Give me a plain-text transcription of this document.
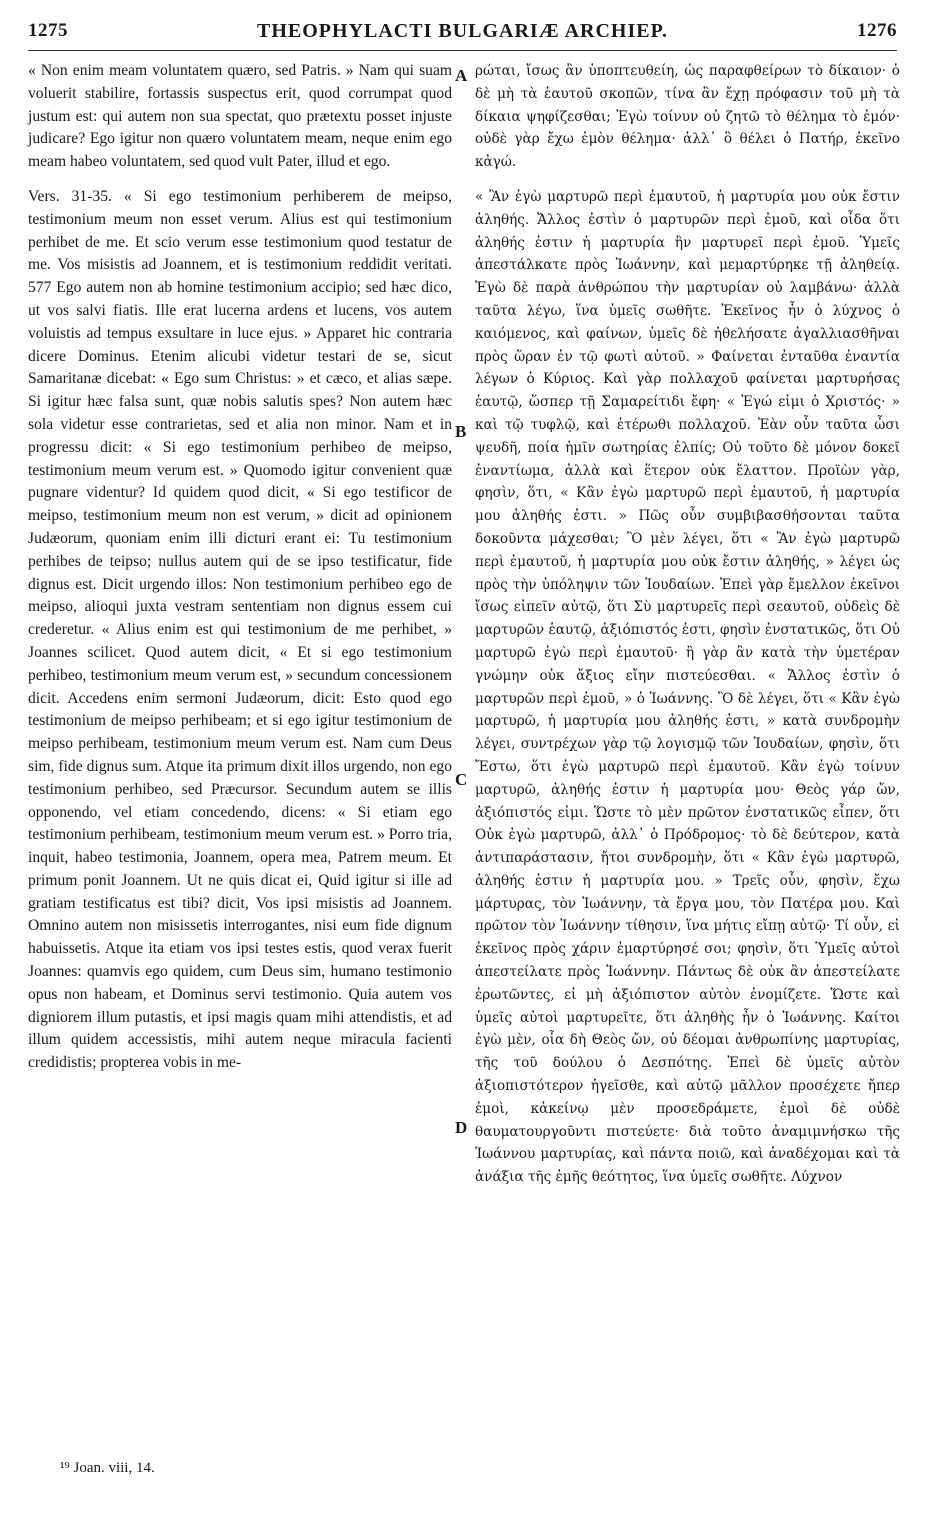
1275	THEOPHYLACTI BULGARIÆ ARCHIEP.	1276

« Non enim meam voluntatem quæro, sed Patris. » Nam qui suam voluerit stabilire, fortassis suspectus erit, quod corrumpat quod justum est: qui autem non sua spectat, quo prætextu posset injuste judicare? Ego igitur non quæro voluntatem meam, neque enim ego meam habeo voluntatem, sed quod vult Pater, illud et ego.

Vers. 31-35. « Si ego testimonium perhiberem de meipso, testimonium meum non esset verum. Alius est qui testimonium perhibet de me. Et scio verum esse testimonium quod testatur de me. Vos misistis ad Joannem, et is testimonium reddidit veritati. 577 Ego autem non ab homine testimonium accipio; sed hæc dico, ut vos salvi fiatis. Ille erat lucerna ardens et lucens, vos autem voluistis ad tempus exsultare in luce ejus. » Apparet hic contraria dicere Dominus. Etenim alicubi videtur testari de se, sicut Samaritanæ dicebat: « Ego sum Christus: » et cæco, et alias sæpe. Si igitur hæc falsa sunt, quæ nobis salutis spes? Non autem hæc sola videtur esse contrarietas, sed et alia non minor. Nam et in progressu dicit: « Si ego testimonium perhibeo de meipso, testimonium meum verum est. » Quomodo igitur convenient quæ pugnare videntur? Id quidem quod dicit, « Si ego testificor de meipso, testimonium meum non est verum, » dicit ad opinionem Judæorum, quoniam enim illi dicturi erant ei: Tu testimonium perhibes de teipso; nullus autem qui de se ipso testificatur, fide dignus est. Dicit urgendo illos: Non testimonium perhibeo ego de meipso, alioqui juxta vestram sententiam non dignus essem cui crederetur. « Alius enim est qui testimonium de me perhibet, » Joannes scilicet. Quod autem dicit, « Et si ego testimonium perhibeo, testimonium meum verum est, » secundum concessionem dicit. Accedens enim sermoni Judæorum, dicit: Esto quod ego testimonium de meipso perhibeam; et si ego igitur testimonium de meipso perhibeam, testimonium meum verum est. Nam cum Deus sim, fide dignus sum. Atque ita primum dixit illos urgendo, non ego testimonium perhibeo, sed Præcursor. Secundum autem se illis opponendo, vel etiam concedendo, dicens: « Si etiam ego testimonium perhibeam, testimonium meum verum est. » Porro tria, inquit, habeo testimonia, Joannem, opera mea, Patrem meum. Et primum ponit Joannem. Ut ne quis dicat ei, Quid igitur si ille ad gratiam testificatus est tibi? dicit, Vos ipsi misistis ad Joannem. Omnino autem non misissetis interrogantes, nisi eum fide dignum habuissetis. Atque ita etiam vos ipsi testes estis, quod verax fuerit Joannes: quamvis ego quidem, cum Deus sim, humano testimonio opus non habeam, et Dominus servi testimonio. Quia autem vos digniorem illum putastis, et ipsi magis quam mihi attendistis, et ad illum quidem accessistis, mihi autem neque miracula facienti credidistis; propterea vobis in me-

ρώται, ἴσως ἂν ὑποπτευθείη, ὡς παραφθείρων τὸ δίκαιον· ὁ δὲ μὴ τὰ ἑαυτοῦ σκοπῶν, τίνα ἂν ἔχῃ πρόφασιν τοῦ μὴ τὰ δίκαια ψηφίζεσθαι; Ἐγὼ τοίνυν οὐ ζητῶ τὸ θέλημα τὸ ἐμόν· οὐδὲ γὰρ ἔχω ἐμὸν θέλημα· ἀλλ᾽ ὃ θέλει ὁ Πατήρ, ἐκεῖνο κἀγώ.

« Ἂν ἐγὼ μαρτυρῶ περὶ ἐμαυτοῦ, ἡ μαρτυρία μου οὐκ ἔστιν ἀληθής. Ἄλλος ἐστὶν ὁ μαρτυρῶν περὶ ἐμοῦ, καὶ οἶδα ὅτι ἀληθής ἐστιν ἡ μαρτυρία ἣν μαρτυρεῖ περὶ ἐμοῦ. Ὑμεῖς ἀπεστάλκατε πρὸς Ἰωάννην, καὶ μεμαρτύρηκε τῇ ἀληθείᾳ. Ἐγὼ δὲ παρὰ ἀνθρώπου τὴν μαρτυρίαν οὐ λαμβάνω· ἀλλὰ ταῦτα λέγω, ἵνα ὑμεῖς σωθῆτε. Ἐκεῖνος ἦν ὁ λύχνος ὁ καιόμενος, καὶ φαίνων, ὑμεῖς δὲ ἠθελήσατε ἀγαλλιασθῆναι πρὸς ὥραν ἐν τῷ φωτὶ αὐτοῦ. » Φαίνεται ἐνταῦθα ἐναντία λέγων ὁ Κύριος. Καὶ γὰρ πολλαχοῦ φαίνεται μαρτυρήσας ἑαυτῷ, ὥσπερ τῇ Σαμαρείτιδι ἔφη· « Ἐγώ εἰμι ὁ Χριστός· » καὶ τῷ τυφλῷ, καὶ ἑτέρωθι πολλαχοῦ. Ἐὰν οὖν ταῦτα ὦσι ψευδῆ, ποία ἡμῖν σωτηρίας ἐλπίς; Οὐ τοῦτο δὲ μόνον δοκεῖ ἐναντίωμα, ἀλλὰ καὶ ἕτερον οὐκ ἔλαττον. Προϊὼν γὰρ, φησὶν, ὅτι, « Κἂν ἐγὼ μαρτυρῶ περὶ ἐμαυτοῦ, ἡ μαρτυρία μου ἀληθής ἐστι. » Πῶς οὖν συμβιβασθήσονται ταῦτα δοκοῦντα μάχεσθαι; Ὃ μὲν λέγει, ὅτι « Ἂν ἐγὼ μαρτυρῶ περὶ ἐμαυτοῦ, ἡ μαρτυρία μου οὐκ ἔστιν ἀληθής, » λέγει ὡς πρὸς τὴν ὑπόληψιν τῶν Ἰουδαίων. Ἐπεὶ γὰρ ἔμελλον ἐκεῖνοι ἴσως εἰπεῖν αὐτῷ, ὅτι Σὺ μαρτυρεῖς περὶ σεαυτοῦ, οὐδεὶς δὲ μαρτυρῶν ἑαυτῷ, ἀξιόπιστός ἐστι, φησὶν ἐνστατικῶς, ὅτι Οὐ μαρτυρῶ ἐγὼ περὶ ἐμαυτοῦ· ἢ γὰρ ἂν κατὰ τὴν ὑμετέραν γνώμην οὐκ ἄξιος εἴην πιστεύεσθαι. « Ἄλλος ἐστὶν ὁ μαρτυρῶν περὶ ἐμοῦ, » ὁ Ἰωάννης. Ὃ δὲ λέγει, ὅτι « Κἂν ἐγὼ μαρτυρῶ, ἡ μαρτυρία μου ἀληθής ἐστι, » κατὰ συνδρομὴν λέγει, συντρέχων γὰρ τῷ λογισμῷ τῶν Ἰουδαίων, φησὶν, ὅτι Ἔστω, ὅτι ἐγὼ μαρτυρῶ περὶ ἐμαυτοῦ. Κἂν ἐγὼ τοίνυν μαρτυρῶ, ἀληθής ἐστιν ἡ μαρτυρία μου· Θεὸς γάρ ὤν, ἀξιόπιστός εἰμι. Ὥστε τὸ μὲν πρῶτον ἐνστατικῶς εἶπεν, ὅτι Οὐκ ἐγὼ μαρτυρῶ, ἀλλ᾽ ὁ Πρόδρομος· τὸ δὲ δεύτερον, κατὰ ἀντιπαράστασιν, ἤτοι συνδρομὴν, ὅτι « Κἂν ἐγὼ μαρτυρῶ, ἀληθής ἐστιν ἡ μαρτυρία μου. » Τρεῖς οὖν, φησὶν, ἔχω μάρτυρας, τὸν Ἰωάννην, τὰ ἔργα μου, τὸν Πατέρα μου. Καὶ πρῶτον τὸν Ἰωάννην τίθησιν, ἵνα μήτις εἴπῃ αὐτῷ· Τί οὖν, εἰ ἐκεῖνος πρὸς χάριν ἐμαρτύρησέ σοι; φησὶν, ὅτι Ὑμεῖς αὐτοὶ ἀπεστείλατε πρὸς Ἰωάννην. Πάντως δὲ οὐκ ἂν ἀπεστείλατε ἐρωτῶντες, εἰ μὴ ἀξιόπιστον αὐτὸν ἐνομίζετε. Ὥστε καὶ ὑμεῖς αὐτοὶ μαρτυρεῖτε, ὅτι ἀληθὴς ἦν ὁ Ἰωάννης. Καίτοι ἐγὼ μὲν, οἷα δὴ Θεὸς ὤν, οὐ δέομαι ἀνθρωπίνης μαρτυρίας, τῆς τοῦ δούλου ὁ Δεσπότης. Ἐπεὶ δὲ ὑμεῖς αὐτὸν ἀξιοπιστότερον ἡγεῖσθε, καὶ αὐτῷ μᾶλλον προσέχετε ἤπερ ἐμοὶ, κἀκείνῳ μὲν προσεδράμετε, ἐμοὶ δὲ οὐδὲ θαυματουργοῦντι πιστεύετε· διὰ τοῦτο ἀναμιμνήσκω τῆς Ἰωάννου μαρτυρίας, καὶ πάντα ποιῶ, καὶ ἀναδέχομαι καὶ τὰ ἀνάξια τῆς ἐμῆς θεότητος, ἵνα ὑμεῖς σωθῆτε. Λύχνον

A
B
C
D
¹⁹ Joan. viii, 14.
